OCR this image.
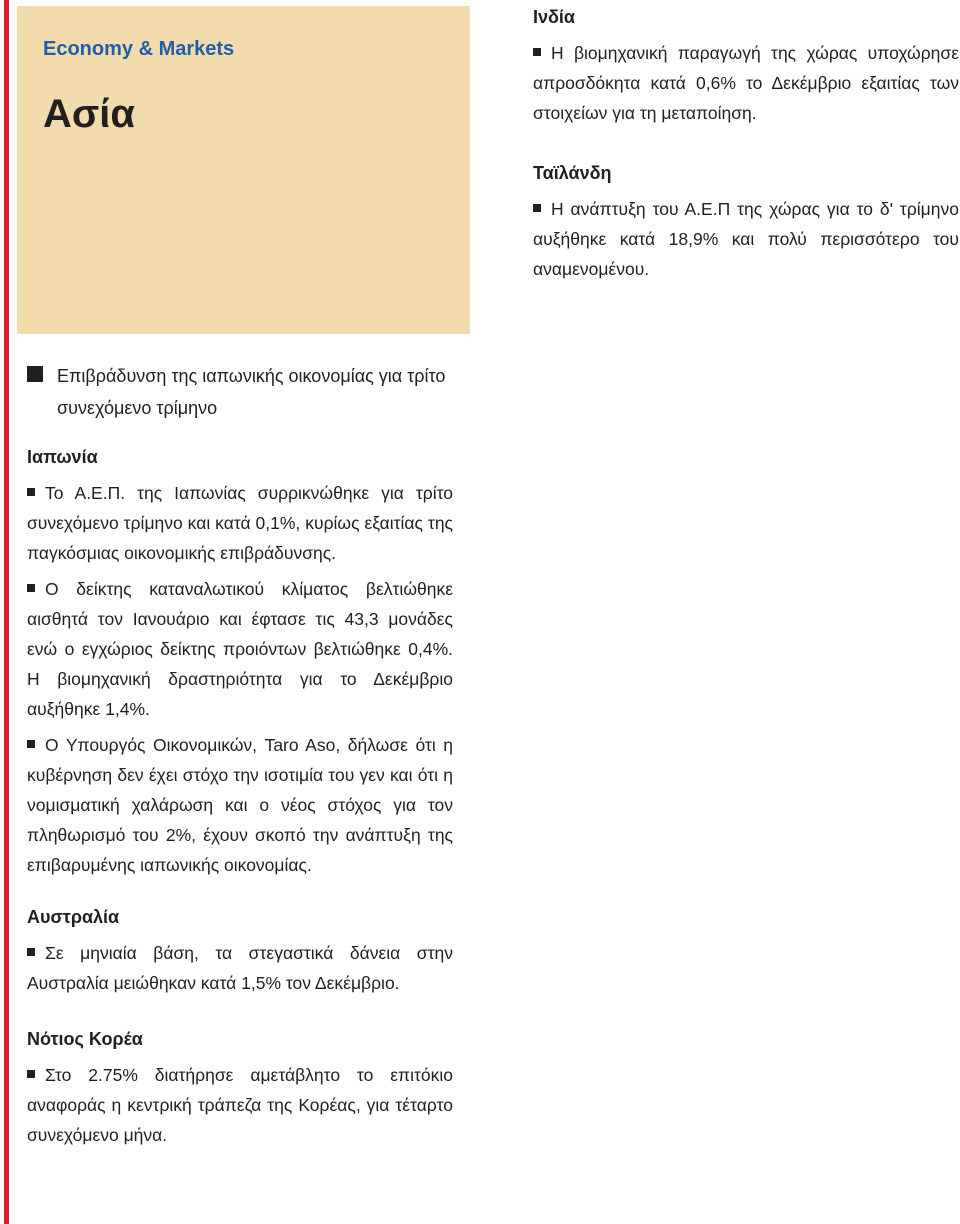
Economy & Markets
Ασία
Ινδία

Η βιομηχανική παραγωγή της χώρας υποχώρησε απροσδόκητα κατά 0,6% το Δεκέμβριο εξαιτίας των στοιχείων για τη μεταποίηση.

Ταϊλάνδη

Η ανάπτυξη του Α.Ε.Π της χώρας για το δ' τρίμηνο αυξήθηκε κατά 18,9% και πολύ περισσότερο του αναμενομένου.

Επιβράδυνση της ιαπωνικής οικονομίας για τρίτο συνεχόμενο τρίμηνο
Ιαπωνία

Το Α.Ε.Π. της Ιαπωνίας συρρικνώθηκε για τρίτο συνεχόμενο τρίμηνο και κατά 0,1%, κυρίως εξαιτίας της παγκόσμιας οικονομικής επιβράδυνσης.

Ο δείκτης καταναλωτικού κλίματος βελτιώθηκε αισθητά τον Ιανουάριο και έφτασε τις 43,3 μονάδες ενώ ο εγχώριος δείκτης προιόντων βελτιώθηκε 0,4%. Η βιομηχανική δραστηριότητα για το Δεκέμβριο αυξήθηκε 1,4%.

Ο Υπουργός Οικονομικών, Taro Aso, δήλωσε ότι η κυβέρνηση δεν έχει στόχο την ισοτιμία του γεν και ότι η νομισματική χαλάρωση και ο νέος στόχος για τον πληθωρισμό του 2%, έχουν σκοπό την ανάπτυξη της επιβαρυμένης ιαπωνικής οικονομίας.

Αυστραλία

Σε μηνιαία βάση, τα στεγαστικά δάνεια στην Αυστραλία μειώθηκαν κατά 1,5% τον Δεκέμβριο.

Νότιος Κορέα

Στο 2.75% διατήρησε αμετάβλητο το επιτόκιο αναφοράς η κεντρική τράπεζα της Κορέας, για τέταρτο συνεχόμενο μήνα.
